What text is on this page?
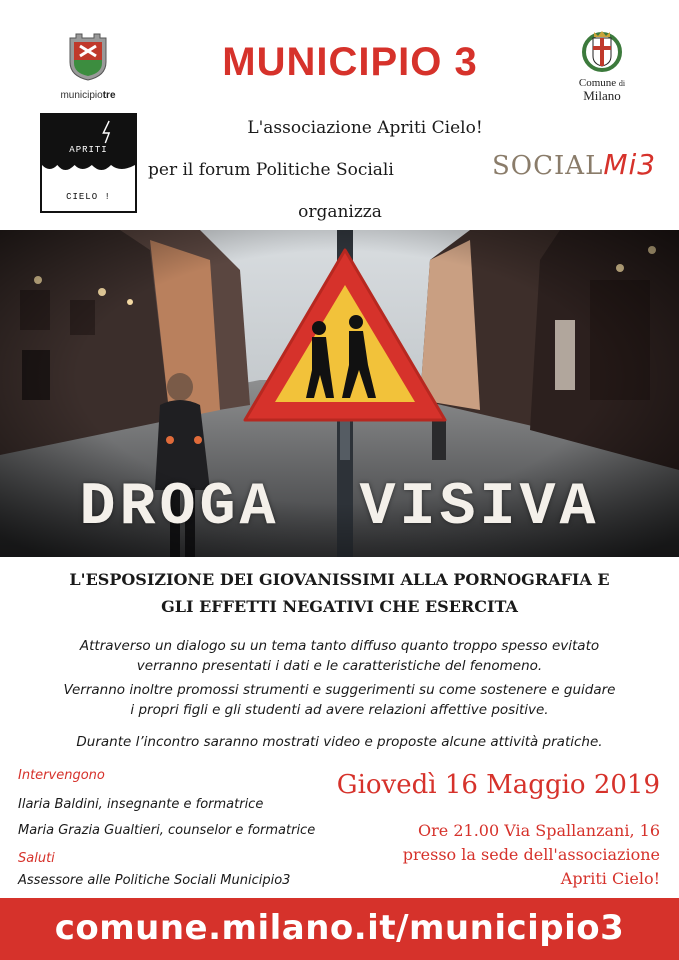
municipiotre
MUNICIPIO 3	Comune di
Milano
APRITI
CIELO !
L'associazione Apriti Cielo!
per il forum Politiche Sociali	SOCIALMi3
organizza
DROGA VISIVA
L'ESPOSIZIONE DEI GIOVANISSIMI ALLA PORNOGRAFIA E
GLI EFFETTI NEGATIVI CHE ESERCITA
Attraverso un dialogo su un tema tanto diffuso quanto troppo spesso evitato
verranno presentati i dati e le caratteristiche del fenomeno.
Verranno inoltre promossi strumenti e suggerimenti su come sostenere e guidare
i propri figli e gli studenti ad avere relazioni affettive positive.
Durante l’incontro saranno mostrati video e proposte alcune attività pratiche.
Intervengono
Ilaria Baldini, insegnante e formatrice
Maria Grazia Gualtieri, counselor e formatrice
Saluti
Assessore alle Politiche Sociali Municipio3
Giovedì 16 Maggio 2019
Ore 21.00 Via Spallanzani, 16
presso la sede dell'associazione
Apriti Cielo!
comune.milano.it/municipio3
